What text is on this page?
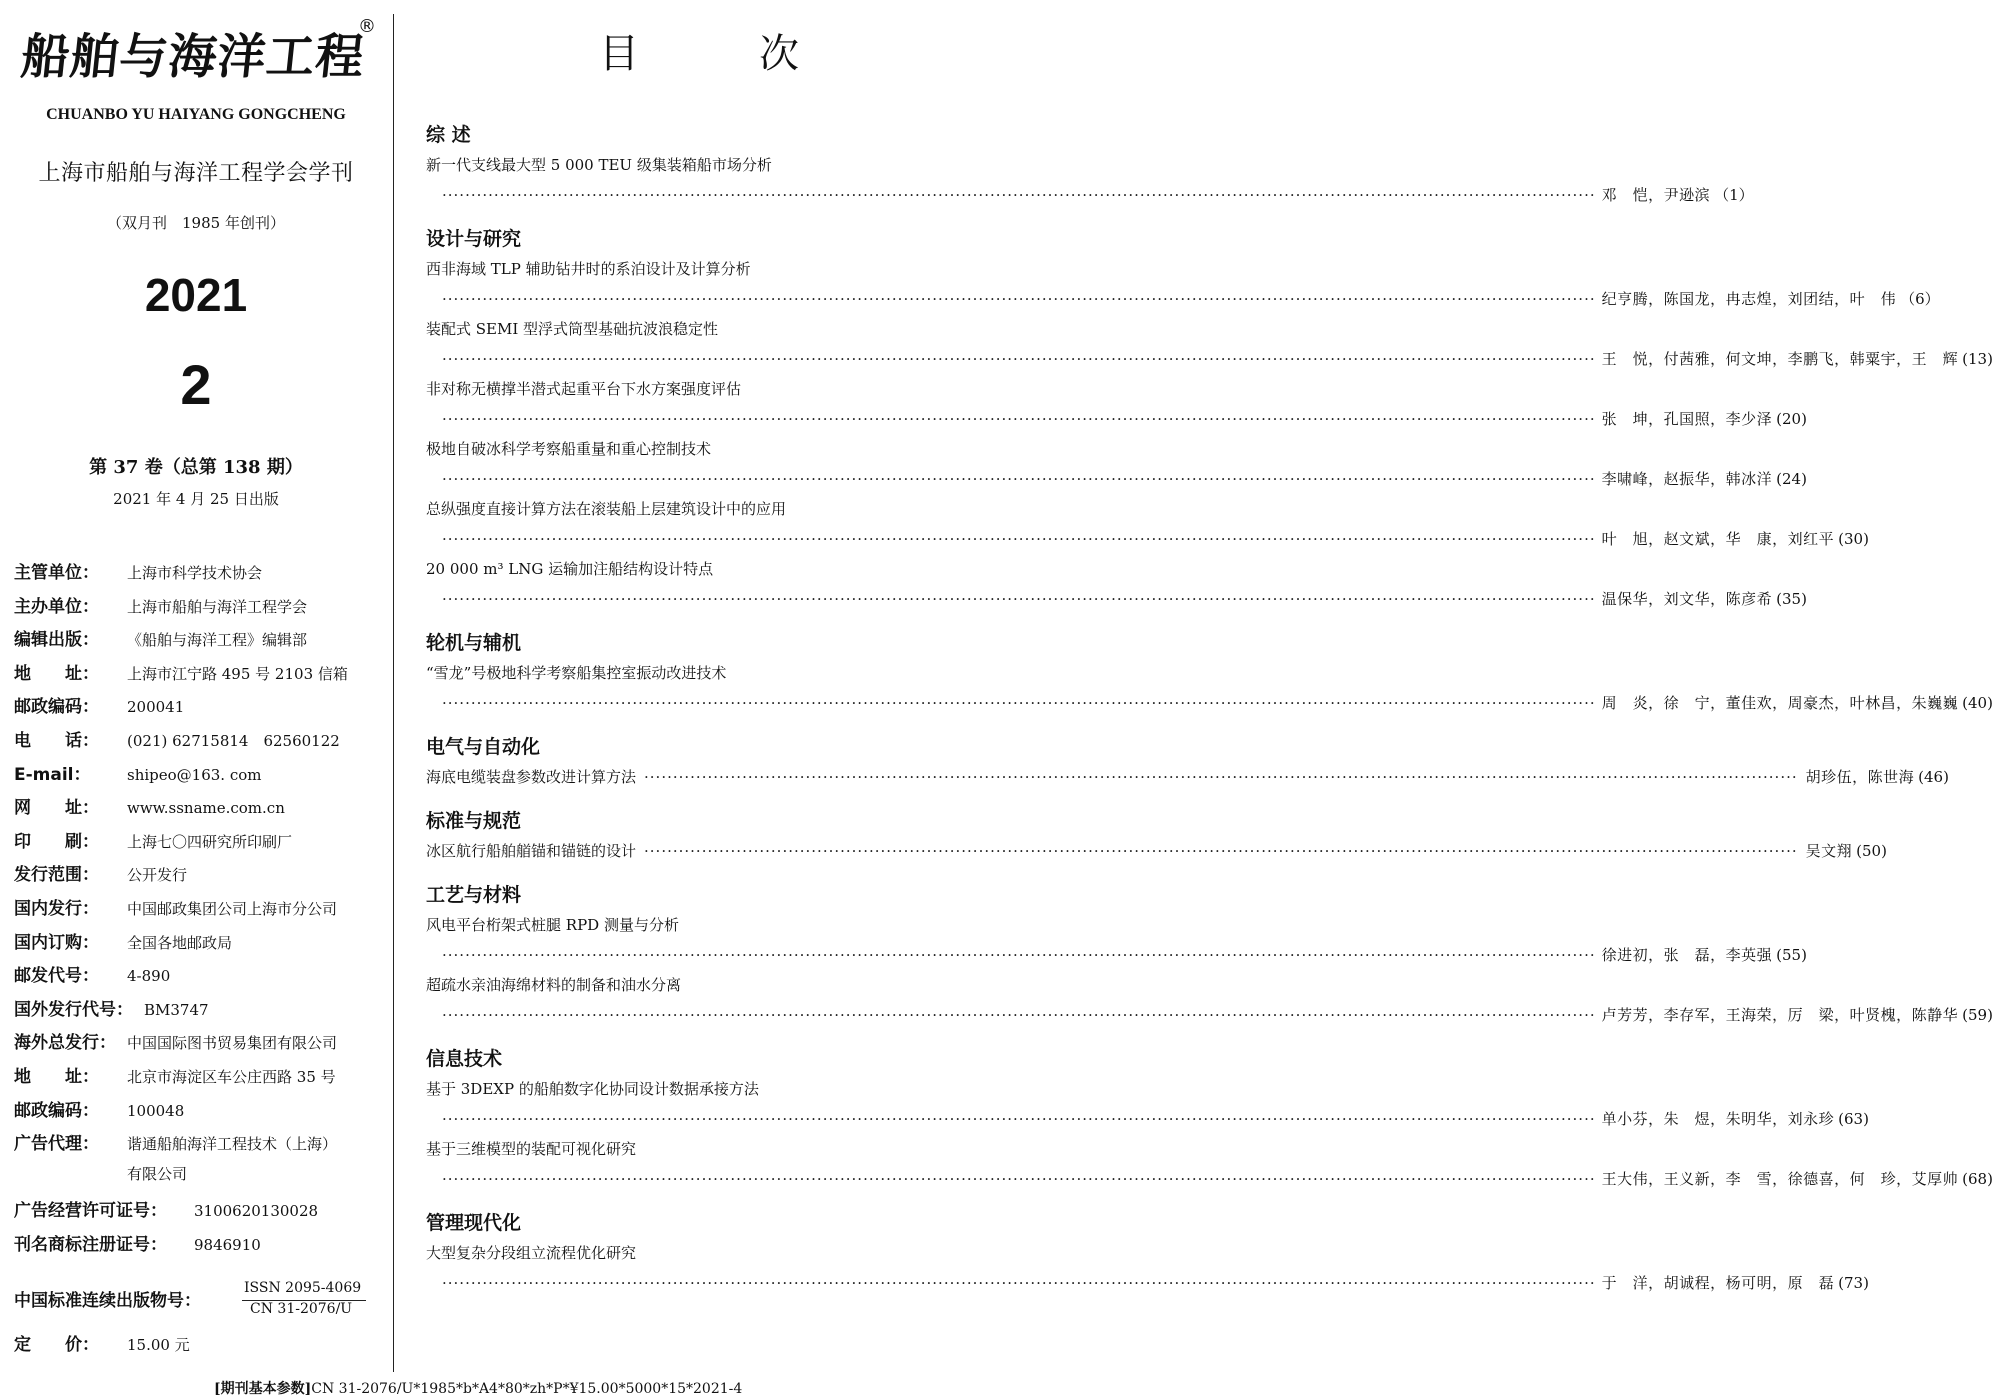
船舶与海洋工程
®
CHUANBO YU HAIYANG GONGCHENG
上海市船舶与海洋工程学会学刊
（双月刊　1985 年创刊）
2021
2
第 37 卷（总第 138 期）
2021 年 4 月 25 日出版
主管单位：	上海市科学技术协会
主办单位：	上海市船舶与海洋工程学会
编辑出版：	《船舶与海洋工程》编辑部
地　　址：	上海市江宁路 495 号 2103 信箱
邮政编码：	200041
电　　话：	(021) 62715814　62560122
E-mail：	shipeo@163. com
网　　址：	www.ssname.com.cn
印　　刷：	上海七〇四研究所印刷厂
发行范围：	公开发行
国内发行：	中国邮政集团公司上海市分公司
国内订购：	全国各地邮政局
邮发代号：	4-890
国外发行代号： BM3747
海外总发行： 中国国际图书贸易集团有限公司
地　　址：	北京市海淀区车公庄西路 35 号
邮政编码：	100048
广告代理：	谐通船舶海洋工程技术（上海）
有限公司
广告经营许可证号：	3100620130028
刊名商标注册证号：	9846910
中国标准连续出版物号：
ISSN 2095-4069
CN 31-2076/U
定　　价：	15.00 元
目次
综 述
新一代支线最大型 5 000 TEU 级集装箱船市场分析
········································································································································································································ 邓　恺，尹逊滨 （1）
设计与研究
西非海域 TLP 辅助钻井时的系泊设计及计算分析
········································································································································································································ 纪亨腾，陈国龙，冉志煌，刘团结，叶　伟 （6）
装配式 SEMI 型浮式筒型基础抗波浪稳定性
········································································································································································································ 王　悦，付茜雅，何文坤，李鹏飞，韩粟宇，王　辉 (13)
非对称无横撑半潜式起重平台下水方案强度评估
········································································································································································································ 张　坤，孔国照，李少泽 (20)
极地自破冰科学考察船重量和重心控制技术
········································································································································································································ 李啸峰，赵振华，韩冰洋 (24)
总纵强度直接计算方法在滚装船上层建筑设计中的应用
········································································································································································································ 叶　旭，赵文斌，华　康，刘红平 (30)
20 000 m³ LNG 运输加注船结构设计特点
········································································································································································································ 温保华，刘文华，陈彦希 (35)
轮机与辅机
“雪龙”号极地科学考察船集控室振动改进技术
········································································································································································································ 周　炎，徐　宁，董佳欢，周豪杰，叶林昌，朱巍巍 (40)
电气与自动化
海底电缆装盘参数改进计算方法 ········································································································································································································ 胡珍伍，陈世海 (46)
标准与规范
冰区航行船舶艏锚和锚链的设计 ········································································································································································································ 吴文翔 (50)
工艺与材料
风电平台桁架式桩腿 RPD 测量与分析
········································································································································································································ 徐进初，张　磊，李英强 (55)
超疏水亲油海绵材料的制备和油水分离
········································································································································································································ 卢芳芳，李存军，王海荣，厉　梁，叶贤槐，陈静华 (59)
信息技术
基于 3DEXP 的船舶数字化协同设计数据承接方法
········································································································································································································ 单小芬，朱　煜，朱明华，刘永珍 (63)
基于三维模型的装配可视化研究
········································································································································································································ 王大伟，王义新，李　雪，徐德喜，何　珍，艾厚帅 (68)
管理现代化
大型复杂分段组立流程优化研究
········································································································································································································ 于　洋，胡诚程，杨可明，原　磊 (73)
[期刊基本参数]CN 31-2076/U*1985*b*A4*80*zh*P*¥15.00*5000*15*2021-4
